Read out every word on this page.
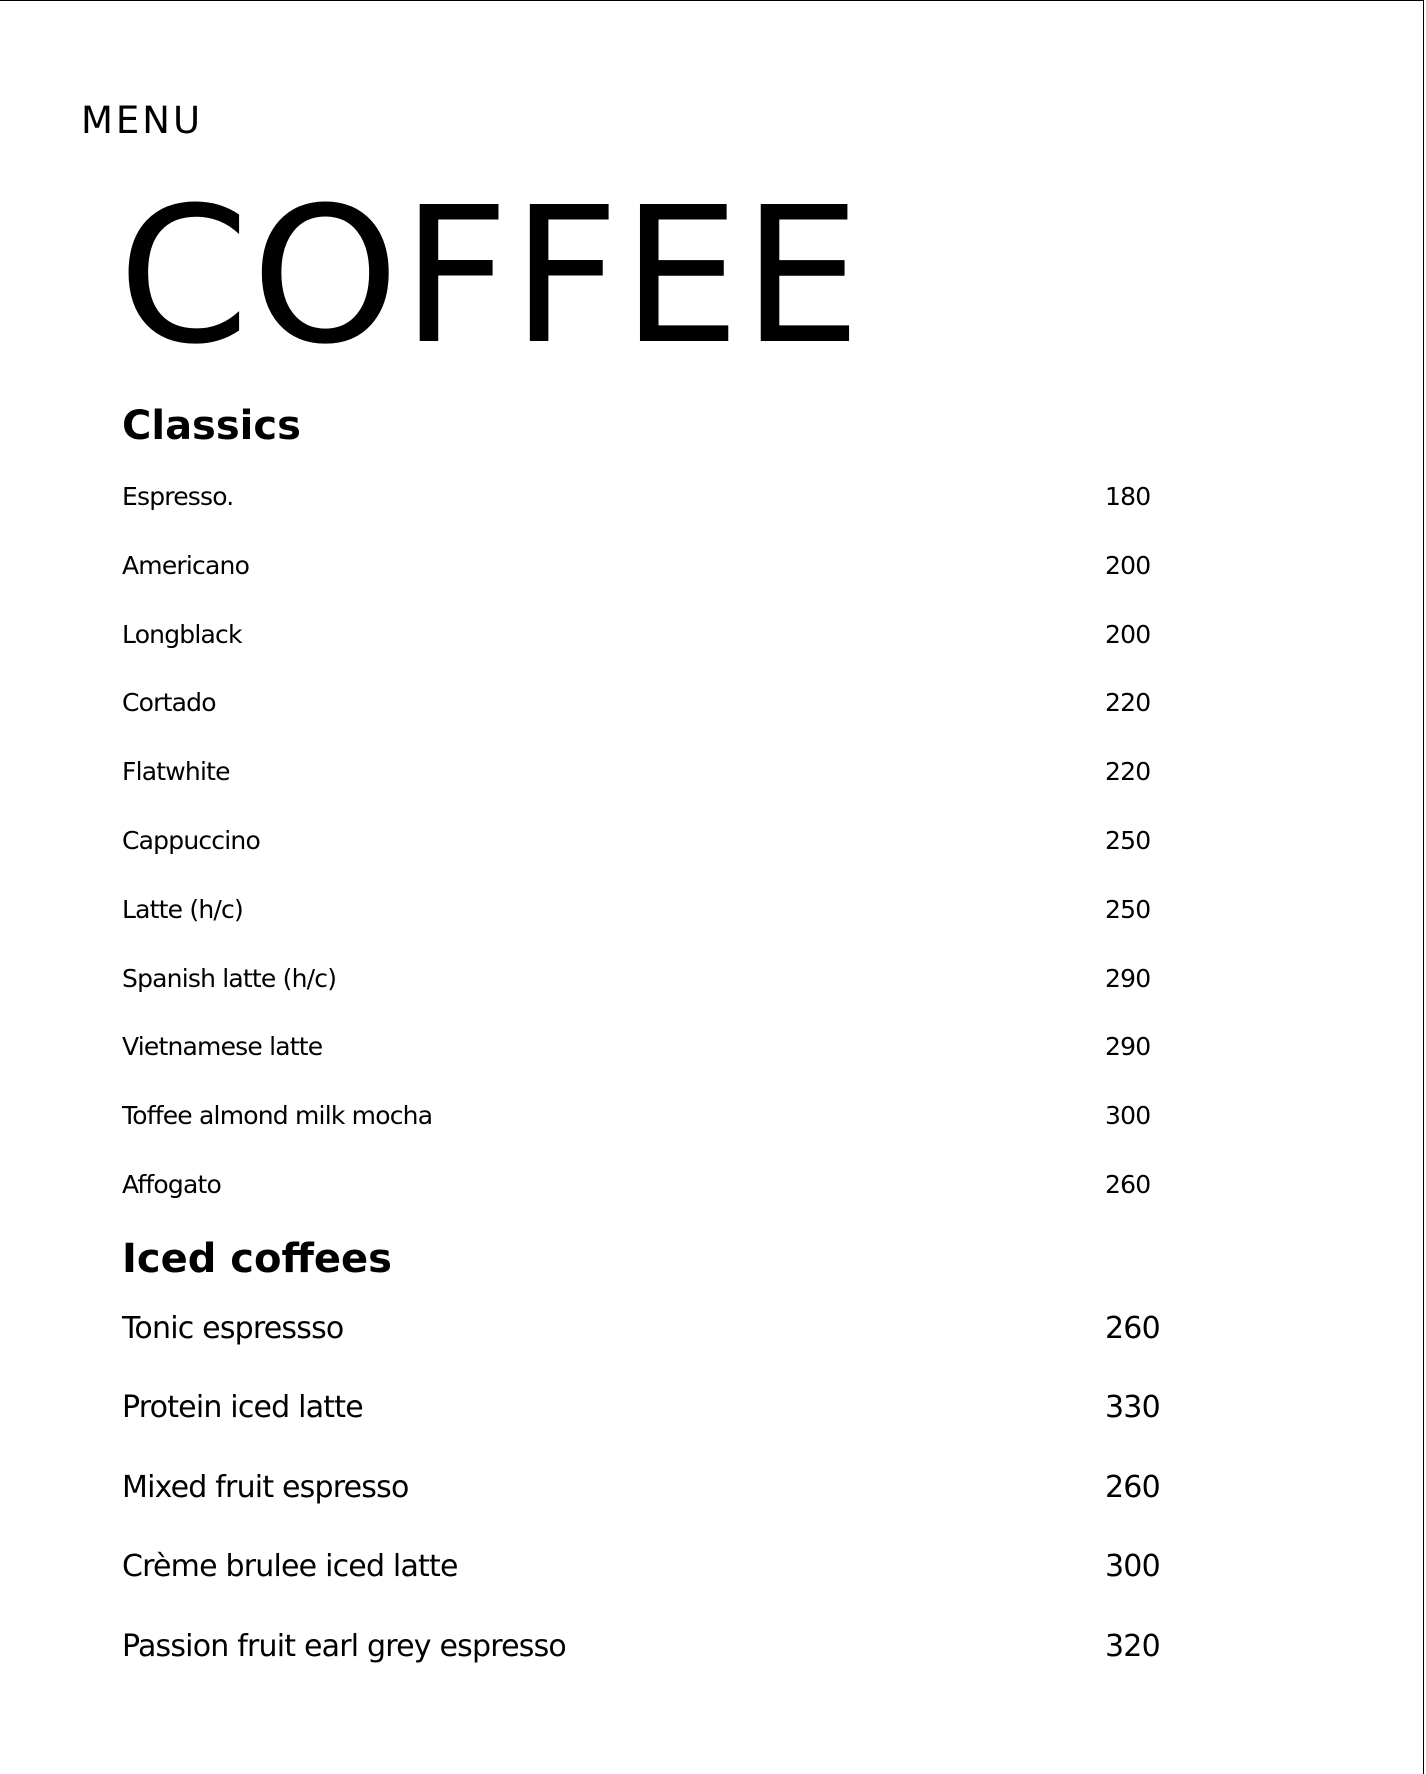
MENU
COFFEE
Classics
Espresso.	180
Americano	200
Longblack	200
Cortado	220
Flatwhite	220
Cappuccino	250
Latte (h/c)	250
Spanish latte (h/c)	290
Vietnamese latte	290
Toffee almond milk mocha	300
Affogato	260
Iced coffees
Tonic espressso	260
Protein iced latte	330
Mixed fruit espresso	260
Crème brulee iced latte	300
Passion fruit earl grey espresso	320
